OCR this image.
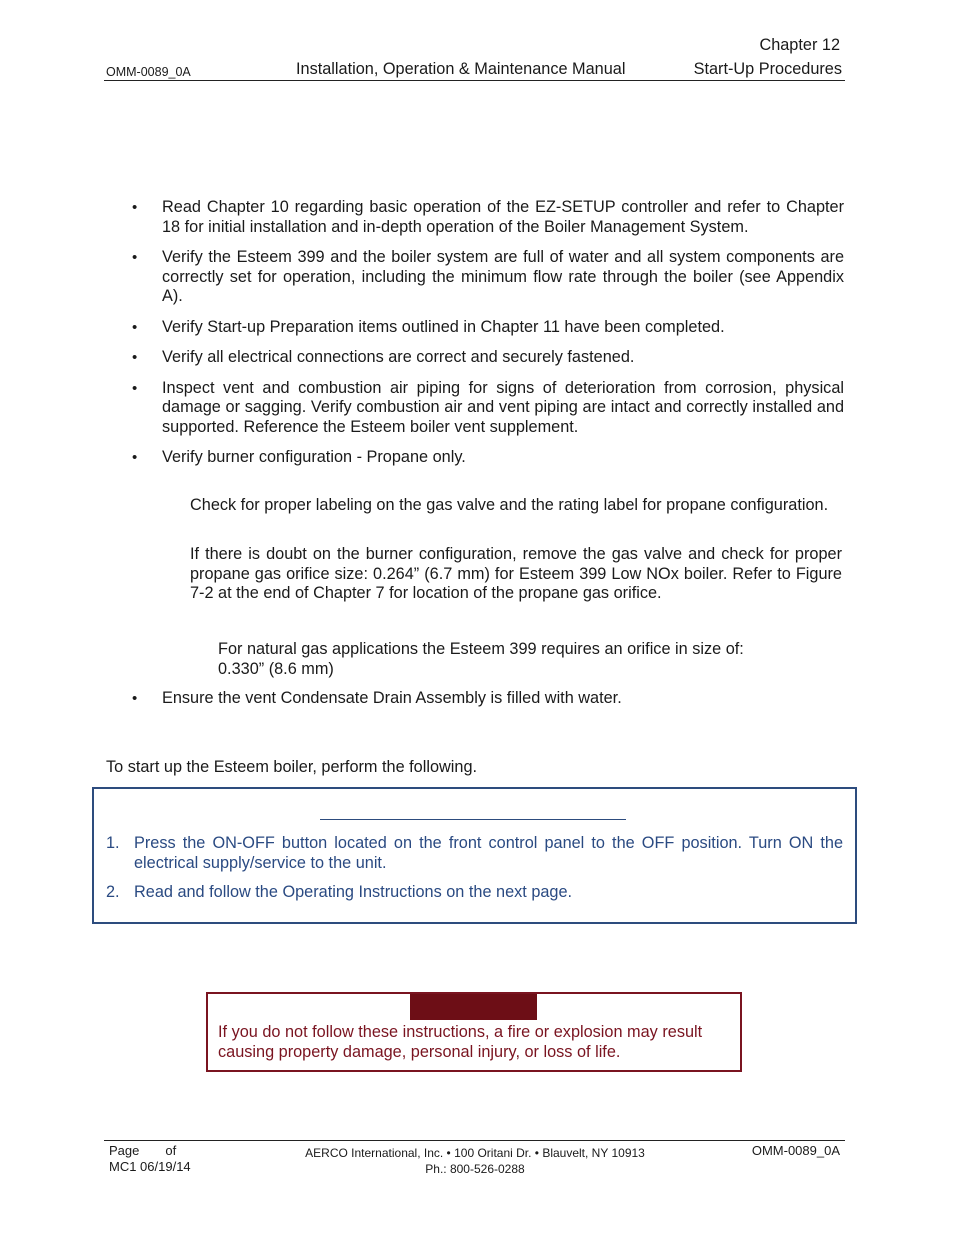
OMM-0089_0A	Installation, Operation & Maintenance Manual
Chapter 12
Start-Up Procedures
• Read Chapter 10 regarding basic operation of the EZ-SETUP controller and refer to Chapter 18 for initial installation and in-depth operation of the Boiler Management System.
• Verify the Esteem 399 and the boiler system are full of water and all system components are correctly set for operation, including the minimum flow rate through the boiler (see Appendix A).
• Verify Start-up Preparation items outlined in Chapter 11 have been completed.
• Verify all electrical connections are correct and securely fastened.
• Inspect vent and combustion air piping for signs of deterioration from corrosion, physical damage or sagging. Verify combustion air and vent piping are intact and correctly installed and supported. Reference the Esteem boiler vent supplement.
• Verify burner configuration - Propane only.

Check for proper labeling on the gas valve and the rating label for propane configuration.

If there is doubt on the burner configuration, remove the gas valve and check for proper propane gas orifice size: 0.264” (6.7 mm) for Esteem 399 Low NOx boiler. Refer to Figure 7-2 at the end of Chapter 7 for location of the propane gas orifice.

For natural gas applications the Esteem 399 requires an orifice in size of: 0.330” (8.6 mm)

• Ensure the vent Condensate Drain Assembly is filled with water.

To start up the Esteem boiler, perform the following.

1. Press the ON-OFF button located on the front control panel to the OFF position. Turn ON the electrical supply/service to the unit.
2. Read and follow the Operating Instructions on the next page.

If you do not follow these instructions, a fire or explosion may result causing property damage, personal injury, or loss of life.

Page of
MC1 06/19/14
AERCO International, Inc. • 100 Oritani Dr. • Blauvelt, NY 10913
Ph.: 800-526-0288
OMM-0089_0A
